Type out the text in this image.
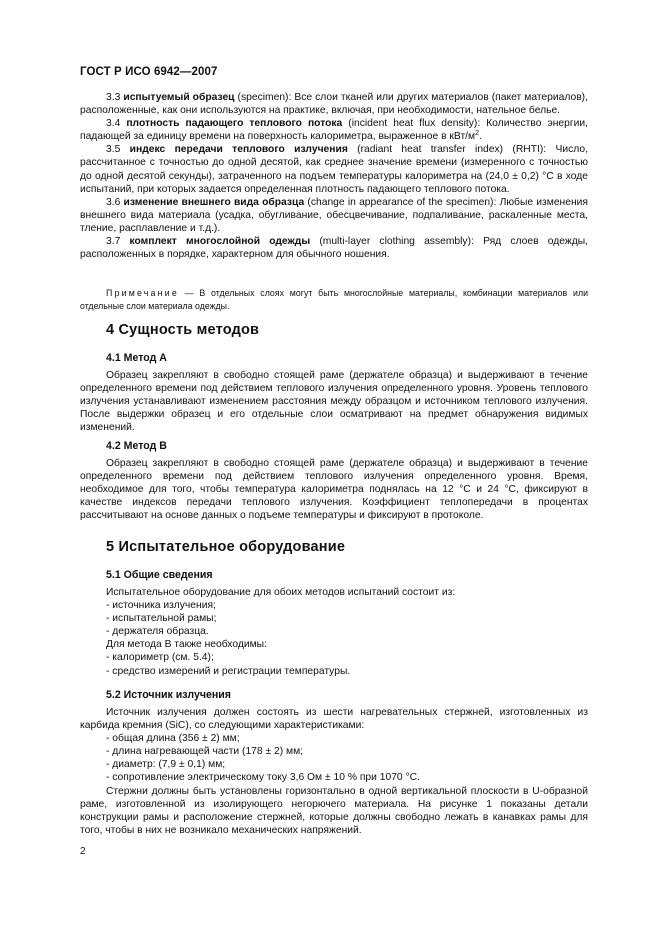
ГОСТ Р ИСО 6942—2007

3.3 испытуемый образец (specimen): Все слои тканей или других материалов (пакет материалов), расположенные, как они используются на практике, включая, при необходимости, нательное белье.

3.4 плотность падающего теплового потока (incident heat flux density): Количество энергии, падающей за единицу времени на поверхность калориметра, выраженное в кВт/$м^2$.

3.5 индекс передачи теплового излучения (radiant heat transfer index) (RHTI): Число, рассчитанное с точностью до одной десятой, как среднее значение времени (измеренного с точностью до одной десятой секунды), затраченного на подъем температуры калориметра на (24,0 ± 0,2) °С в ходе испытаний, при которых задается определенная плотность падающего теплового потока.

3.6 изменение внешнего вида образца (change in appearance of the specimen): Любые изменения внешнего вида материала (усадка, обугливание, обесцвечивание, подпаливание, раскаленные места, тление, расплавление и т.д.).

3.7 комплект многослойной одежды (multi-layer clothing assembly): Ряд слоев одежды, расположенных в порядке, характерном для обычного ношения.

Примечание — В отдельных слоях могут быть многослойные материалы, комбинации материалов или отдельные слои материала одежды.
4 Сущность методов
4.1 Метод А
Образец закрепляют в свободно стоящей раме (держателе образца) и выдерживают в течение определенного времени под действием теплового излучения определенного уровня. Уровень теплового излучения устанавливают изменением расстояния между образцом и источником теплового излучения. После выдержки образец и его отдельные слои осматривают на предмет обнаружения видимых изменений.
4.2 Метод В
Образец закрепляют в свободно стоящей раме (держателе образца) и выдерживают в течение определенного времени под действием теплового излучения определенного уровня. Время, необходимое для того, чтобы температура калориметра поднялась на 12 °С и 24 °С, фиксируют в качестве индексов передачи теплового излучения. Коэффициент теплопередачи в процентах рассчитывают на основе данных о подъеме температуры и фиксируют в протоколе.
5 Испытательное оборудование
5.1 Общие сведения
Испытательное оборудование для обоих методов испытаний состоит из:
- источника излучения;
- испытательной рамы;
- держателя образца.
Для метода В также необходимы:
- калориметр (см. 5.4);
- средство измерений и регистрации температуры.
5.2 Источник излучения

Источник излучения должен состоять из шести нагревательных стержней, изготовленных из карбида кремния (SiC), со следующими характеристиками:

- общая длина (356 ± 2) мм;
- длина нагревающей части (178 ± 2) мм;
- диаметр: (7,9 ± 0,1) мм;
- сопротивление электрическому току 3,6 Ом ± 10 % при 1070 °С.

Стержни должны быть установлены горизонтально в одной вертикальной плоскости в U-образной раме, изготовленной из изолирующего негорючего материала. На рисунке 1 показаны детали конструкции рамы и расположение стержней, которые должны свободно лежать в канавках рамы для того, чтобы в них не возникало механических напряжений.

2
